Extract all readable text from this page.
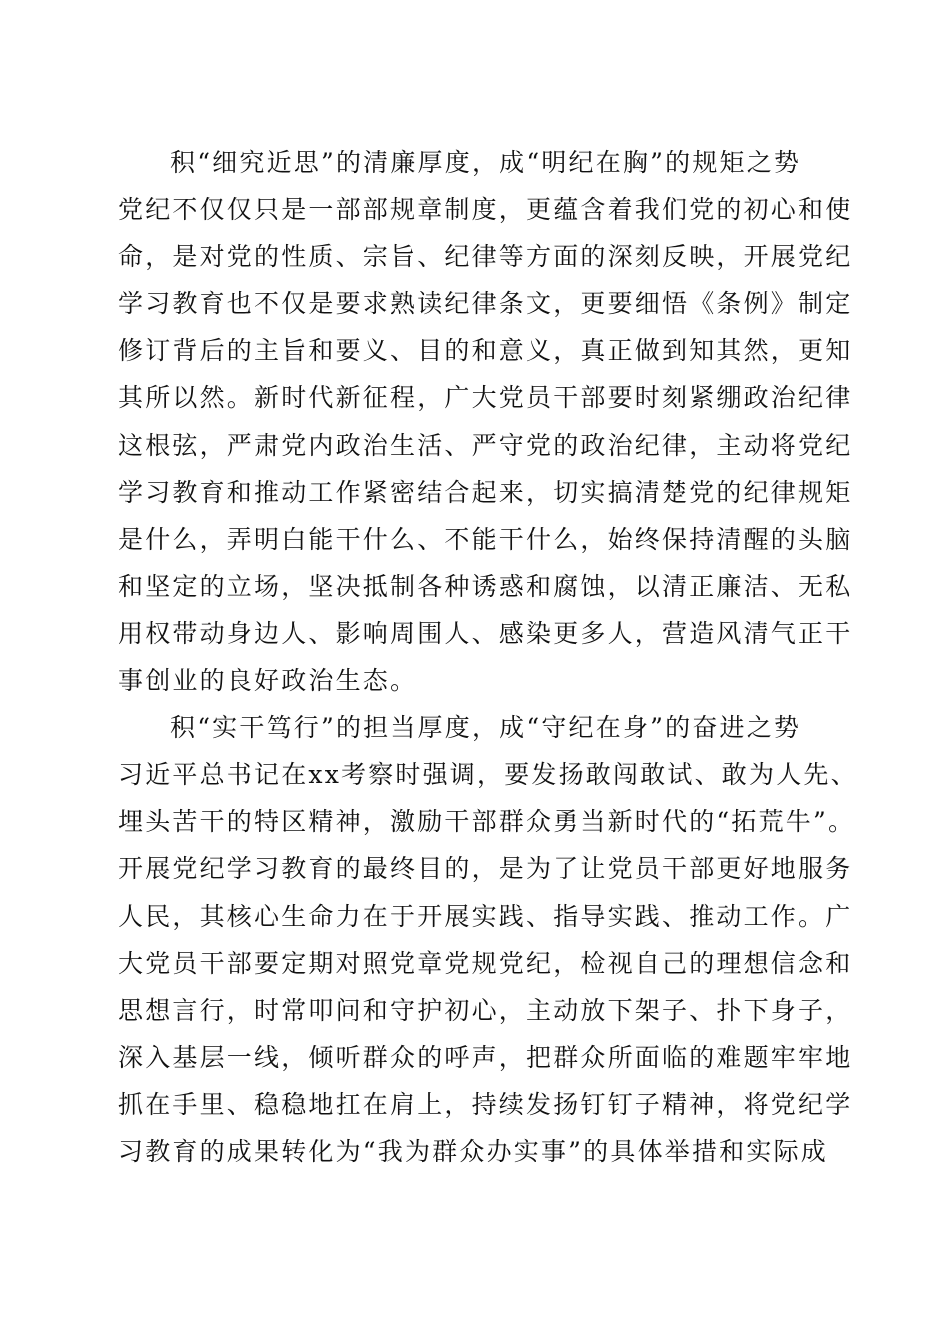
积“细究近思”的清廉厚度，成“明纪在胸”的规矩之势
党纪不仅仅只是一部部规章制度，更蕴含着我们党的初心和使
命，是对党的性质、宗旨、纪律等方面的深刻反映，开展党纪
学习教育也不仅是要求熟读纪律条文，更要细悟《条例》制定
修订背后的主旨和要义、目的和意义，真正做到知其然，更知
其所以然。新时代新征程，广大党员干部要时刻紧绷政治纪律
这根弦，严肃党内政治生活、严守党的政治纪律，主动将党纪
学习教育和推动工作紧密结合起来，切实搞清楚党的纪律规矩
是什么，弄明白能干什么、不能干什么，始终保持清醒的头脑
和坚定的立场，坚决抵制各种诱惑和腐蚀，以清正廉洁、无私
用权带动身边人、影响周围人、感染更多人，营造风清气正干
事创业的良好政治生态。
积“实干笃行”的担当厚度，成“守纪在身”的奋进之势
习近平总书记在xx考察时强调，要发扬敢闯敢试、敢为人先、
埋头苦干的特区精神，激励干部群众勇当新时代的“拓荒牛”。
开展党纪学习教育的最终目的，是为了让党员干部更好地服务
人民，其核心生命力在于开展实践、指导实践、推动工作。广
大党员干部要定期对照党章党规党纪，检视自己的理想信念和
思想言行，时常叩问和守护初心，主动放下架子、扑下身子，
深入基层一线，倾听群众的呼声，把群众所面临的难题牢牢地
抓在手里、稳稳地扛在肩上，持续发扬钉钉子精神，将党纪学
习教育的成果转化为“我为群众办实事”的具体举措和实际成
